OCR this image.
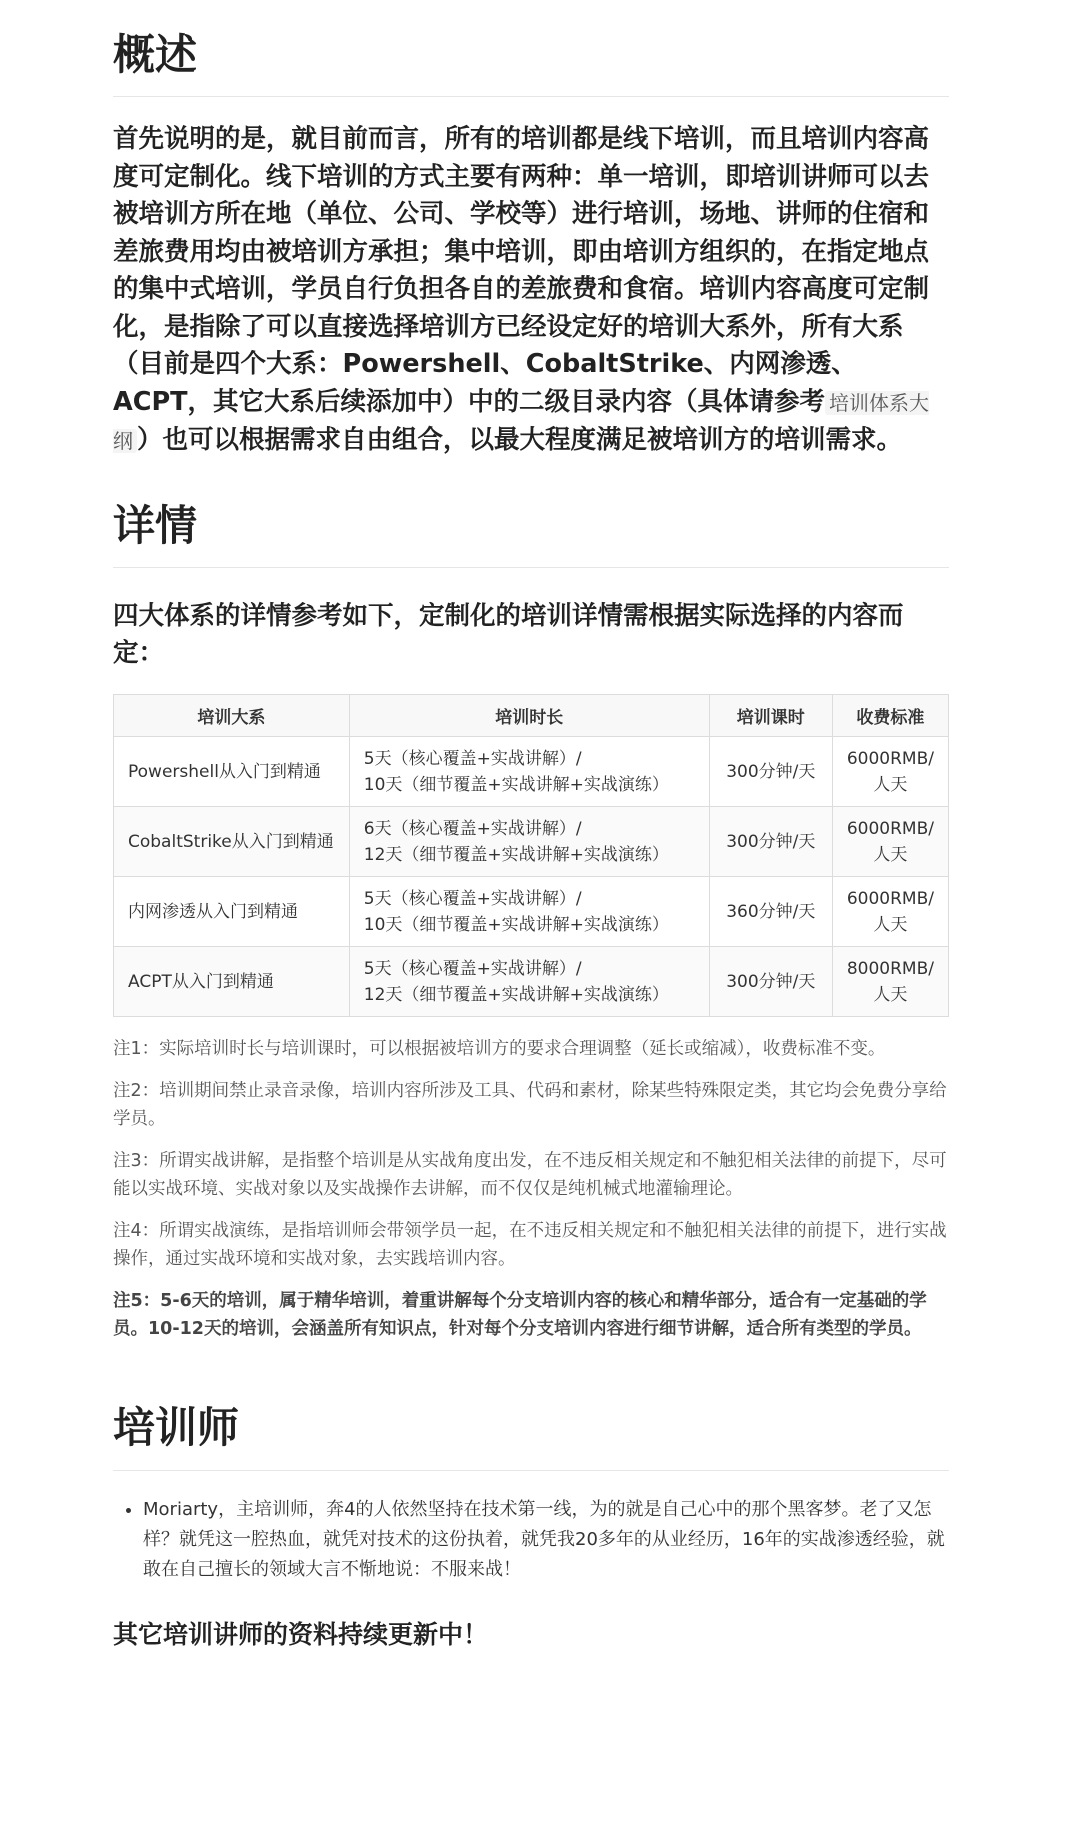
概述

首先说明的是，就目前而言，所有的培训都是线下培训，而且培训内容高度可定制化。线下培训的方式主要有两种：单一培训，即培训讲师可以去被培训方所在地（单位、公司、学校等）进行培训，场地、讲师的住宿和差旅费用均由被培训方承担；集中培训，即由培训方组织的，在指定地点的集中式培训，学员自行负担各自的差旅费和食宿。培训内容高度可定制化，是指除了可以直接选择培训方已经设定好的培训大系外，所有大系（目前是四个大系：Powershell、CobaltStrike、内网渗透、ACPT，其它大系后续添加中）中的二级目录内容（具体请参考 培训体系大纲 ）也可以根据需求自由组合，以最大程度满足被培训方的培训需求。

详情

四大体系的详情参考如下，定制化的培训详情需根据实际选择的内容而定：

培训大系	培训时长	培训课时	收费标准
Powershell从入门到精通	5天（核心覆盖+实战讲解）/
10天（细节覆盖+实战讲解+实战演练）	300分钟/天	6000RMB/人天
CobaltStrike从入门到精通	6天（核心覆盖+实战讲解）/
12天（细节覆盖+实战讲解+实战演练）	300分钟/天	6000RMB/人天
内网渗透从入门到精通	5天（核心覆盖+实战讲解）/
10天（细节覆盖+实战讲解+实战演练）	360分钟/天	6000RMB/人天
ACPT从入门到精通	5天（核心覆盖+实战讲解）/
12天（细节覆盖+实战讲解+实战演练）	300分钟/天	8000RMB/人天

注1：实际培训时长与培训课时，可以根据被培训方的要求合理调整（延长或缩减），收费标准不变。

注2：培训期间禁止录音录像，培训内容所涉及工具、代码和素材，除某些特殊限定类，其它均会免费分享给学员。

注3：所谓实战讲解，是指整个培训是从实战角度出发，在不违反相关规定和不触犯相关法律的前提下，尽可能以实战环境、实战对象以及实战操作去讲解，而不仅仅是纯机械式地灌输理论。

注4：所谓实战演练，是指培训师会带领学员一起，在不违反相关规定和不触犯相关法律的前提下，进行实战操作，通过实战环境和实战对象，去实践培训内容。

注5：5-6天的培训，属于精华培训，着重讲解每个分支培训内容的核心和精华部分，适合有一定基础的学员。10-12天的培训，会涵盖所有知识点，针对每个分支培训内容进行细节讲解，适合所有类型的学员。

培训师
• Moriarty，主培训师，奔4的人依然坚持在技术第一线，为的就是自己心中的那个黑客梦。老了又怎样？就凭这一腔热血，就凭对技术的这份执着，就凭我20多年的从业经历，16年的实战渗透经验，就敢在自己擅长的领域大言不惭地说：不服来战！
其它培训讲师的资料持续更新中！
